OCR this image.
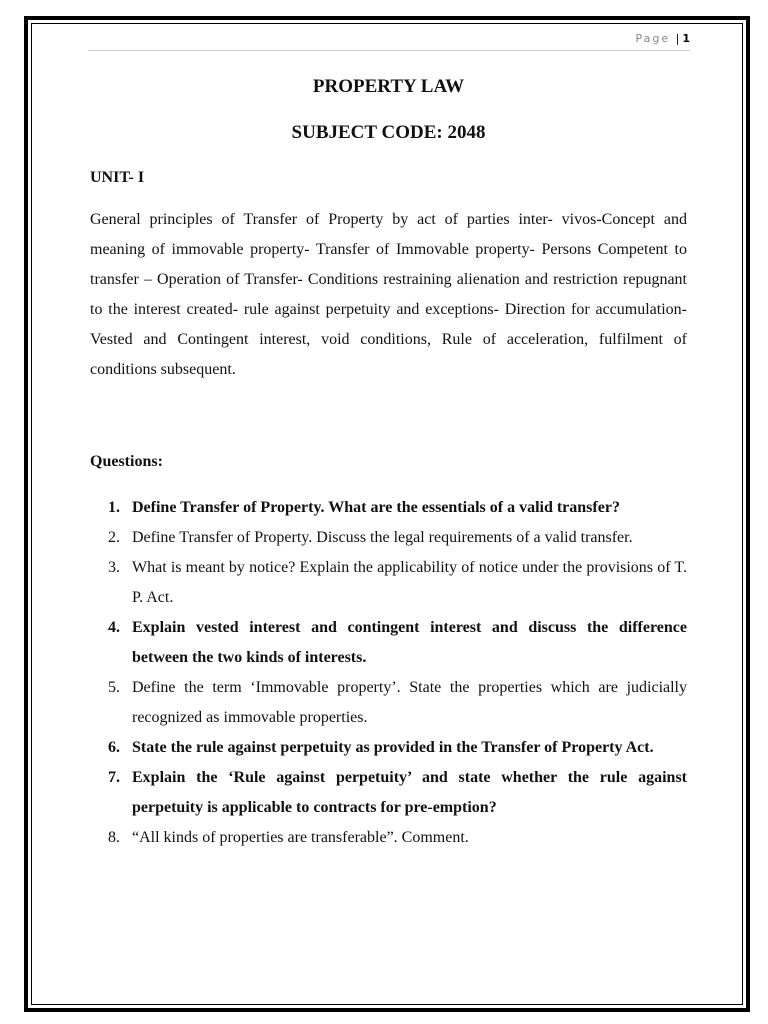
Page | 1
PROPERTY LAW
SUBJECT CODE: 2048
UNIT- I
General principles of Transfer of Property by act of parties inter- vivos-Concept and meaning of immovable property- Transfer of Immovable property- Persons Competent to transfer – Operation of Transfer- Conditions restraining alienation and restriction repugnant to the interest created- rule against perpetuity and exceptions- Direction for accumulation- Vested and Contingent interest, void conditions, Rule of acceleration, fulfilment of conditions subsequent.
Questions:
1. Define Transfer of Property. What are the essentials of a valid transfer?
2. Define Transfer of Property. Discuss the legal requirements of a valid transfer.
3. What is meant by notice? Explain the applicability of notice under the provisions of T. P. Act.
4. Explain vested interest and contingent interest and discuss the difference between the two kinds of interests.
5. Define the term ‘Immovable property’. State the properties which are judicially recognized as immovable properties.
6. State the rule against perpetuity as provided in the Transfer of Property Act.
7. Explain the ‘Rule against perpetuity’ and state whether the rule against perpetuity is applicable to contracts for pre-emption?
8. “All kinds of properties are transferable”. Comment.
